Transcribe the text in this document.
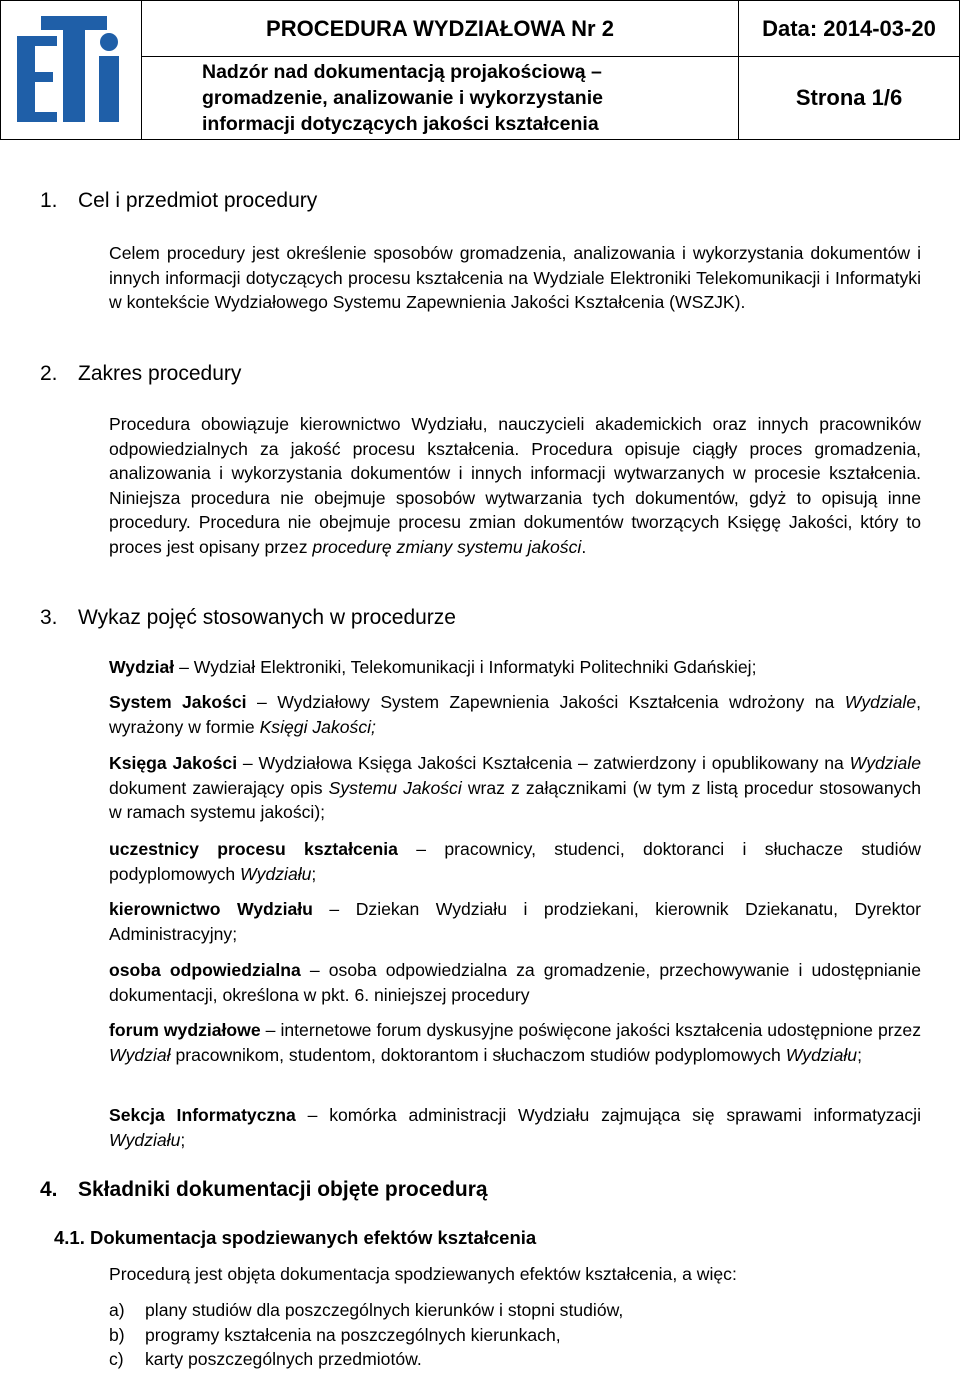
	PROCEDURA WYDZIAŁOWA Nr 2	Data: 2014-03-20

	Nadzór nad dokumentacją projakościową –
gromadzenie, analizowanie i wykorzystanie
informacji dotyczących jakości kształcenia	Strona 1/6
1. Cel i przedmiot procedury

Celem procedury jest określenie sposobów gromadzenia, analizowania i wykorzystania dokumentów i innych informacji dotyczących procesu kształcenia na Wydziale Elektroniki Telekomunikacji i Informatyki w kontekście Wydziałowego Systemu Zapewnienia Jakości Kształcenia (WSZJK).

2. Zakres procedury

Procedura obowiązuje kierownictwo Wydziału, nauczycieli akademickich oraz innych pracowników odpowiedzialnych za jakość procesu kształcenia. Procedura opisuje ciągły proces gromadzenia, analizowania i wykorzystania dokumentów i innych informacji wytwarzanych w procesie kształcenia. Niniejsza procedura nie obejmuje sposobów wytwarzania tych dokumentów, gdyż to opisują inne procedury. Procedura nie obejmuje procesu zmian dokumentów tworzących Księgę Jakości, który to proces jest opisany przez procedurę zmiany systemu jakości.

3. Wykaz pojęć stosowanych w procedurze

Wydział – Wydział Elektroniki, Telekomunikacji i Informatyki Politechniki Gdańskiej;

System Jakości – Wydziałowy System Zapewnienia Jakości Kształcenia wdrożony na Wydziale, wyrażony w formie Księgi Jakości;

Księga Jakości – Wydziałowa Księga Jakości Kształcenia – zatwierdzony i opublikowany na Wydziale dokument zawierający opis Systemu Jakości wraz z załącznikami (w tym z listą procedur stosowanych w ramach systemu jakości);

uczestnicy procesu kształcenia – pracownicy, studenci, doktoranci i słuchacze studiów podyplomowych Wydziału;

kierownictwo Wydziału – Dziekan Wydziału i prodziekani, kierownik Dziekanatu, Dyrektor Administracyjny;

osoba odpowiedzialna – osoba odpowiedzialna za gromadzenie, przechowywanie i udostępnianie dokumentacji, określona w pkt. 6. niniejszej procedury

forum wydziałowe – internetowe forum dyskusyjne poświęcone jakości kształcenia udostępnione przez Wydział pracownikom, studentom, doktorantom i słuchaczom studiów podyplomowych Wydziału;

Sekcja Informatyczna – komórka administracji Wydziału zajmująca się sprawami informatyzacji Wydziału;

4. Składniki dokumentacji objęte procedurą
4.1. Dokumentacja spodziewanych efektów kształcenia

Procedurą jest objęta dokumentacja spodziewanych efektów kształcenia, a więc:

a) plany studiów dla poszczególnych kierunków i stopni studiów,

b) programy kształcenia na poszczególnych kierunkach,

c) karty poszczególnych przedmiotów.
